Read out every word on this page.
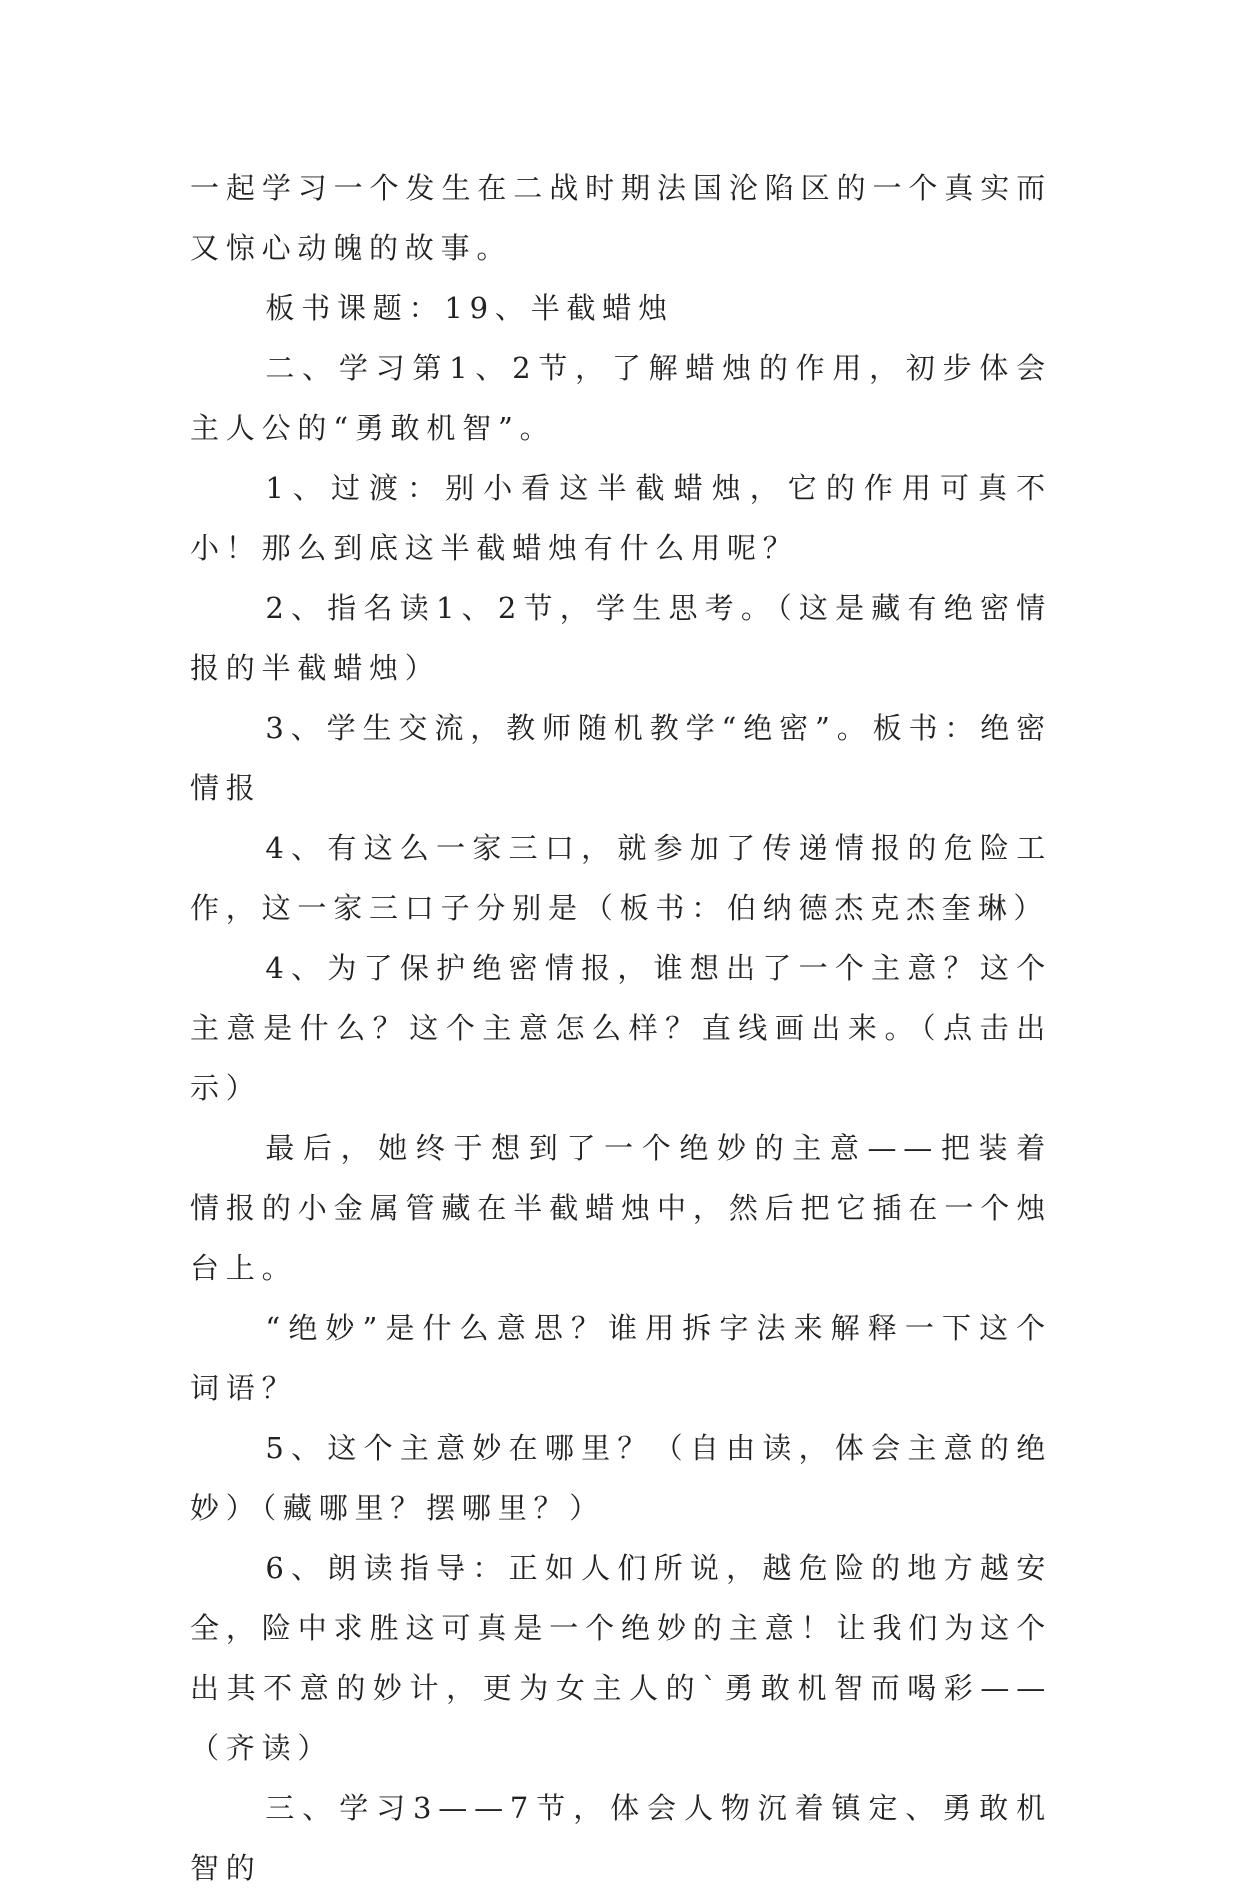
一起学习一个发生在二战时期法国沦陷区的一个真实而又惊心动魄的故事。

板书课题：19、半截蜡烛

二、学习第1、2节，了解蜡烛的作用，初步体会主人公的“勇敢机智”。

1、过渡：别小看这半截蜡烛，它的作用可真不小！那么到底这半截蜡烛有什么用呢？

2、指名读1、2节，学生思考。（这是藏有绝密情报的半截蜡烛）

3、学生交流，教师随机教学“绝密”。板书：绝密情报

4、有这么一家三口，就参加了传递情报的危险工作，这一家三口子分别是（板书：伯纳德杰克杰奎琳）

4、为了保护绝密情报，谁想出了一个主意？这个主意是什么？这个主意怎么样？直线画出来。（点击出示）

最后，她终于想到了一个绝妙的主意——把装着情报的小金属管藏在半截蜡烛中，然后把它插在一个烛台上。

“绝妙”是什么意思？谁用拆字法来解释一下这个词语？

5、这个主意妙在哪里？（自由读，体会主意的绝妙）（藏哪里？摆哪里？）

6、朗读指导：正如人们所说，越危险的地方越安全，险中求胜这可真是一个绝妙的主意！让我们为这个出其不意的妙计，更为女主人的`勇敢机智而喝彩——（齐读）

三、学习3——7节，体会人物沉着镇定、勇敢机智的
